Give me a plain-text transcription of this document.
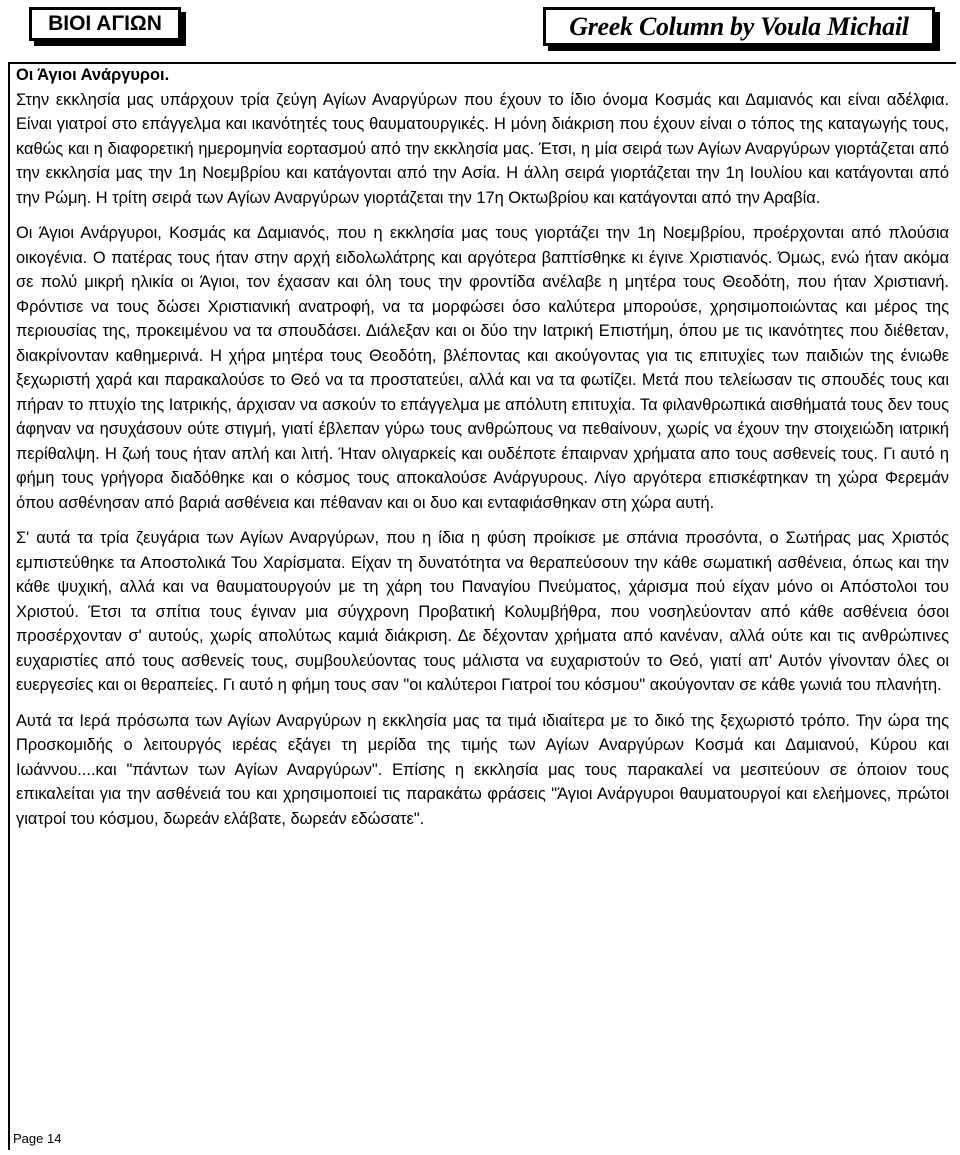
ΒΙΟΙ ΑΓΙΩΝ	Greek Column by Voula Michail

Οι Άγιοι Ανάργυροι.

Στην εκκλησία μας υπάρχουν τρία ζεύγη Αγίων Αναργύρων που έχουν το ίδιο όνομα Κοσμάς και Δαμιανός και είναι αδέλφια. Είναι γιατροί στο επάγγελμα και ικανότητές τους θαυματουργικές. Η μόνη διάκριση που έχουν είναι ο τόπος της καταγωγής τους, καθώς και η διαφορετική ημερομηνία εορτασμού από την εκκλησία μας. Έτσι, η μία σειρά των Αγίων Αναργύρων γιορτάζεται από την εκκλησία μας την 1η Νοεμβρίου και κατάγονται από την Ασία. Η άλλη σειρά γιορτάζεται την 1η Ιουλίου και κατάγονται από την Ρώμη. Η τρίτη σειρά των Αγίων Αναργύρων γιορτάζεται την 17η Οκτωβρίου και κατάγονται από την Αραβία.

Οι Άγιοι Ανάργυροι, Κοσμάς κα Δαμιανός, που η εκκλησία μας τους γιορτάζει την 1η Νοεμβρίου, προέρχονται από πλούσια οικογένια. Ο πατέρας τους ήταν στην αρχή ειδολωλάτρης και αργότερα βαπτίσθηκε κι έγινε Χριστιανός. Όμως, ενώ ήταν ακόμα σε πολύ μικρή ηλικία οι Άγιοι, τον έχασαν και όλη τους την φροντίδα ανέλαβε η μητέρα τους Θεοδότη, που ήταν Χριστιανή. Φρόντισε να τους δώσει Χριστιανική ανατροφή, να τα μορφώσει όσο καλύτερα μπορούσε, χρησιμοποιώντας και μέρος της περιουσίας της, προκειμένου να τα σπουδάσει. Διάλεξαν και οι δύο την Ιατρική Επιστήμη, όπου με τις ικανότητες που διέθεταν, διακρίνονταν καθημερινά. Η χήρα μητέρα τους Θεοδότη, βλέποντας και ακούγοντας για τις επιτυχίες των παιδιών της ένιωθε ξεχωριστή χαρά και παρακαλούσε το Θεό να τα προστατεύει, αλλά και να τα φωτίζει. Μετά που τελείωσαν τις σπουδές τους και πήραν το πτυχίο της Ιατρικής, άρχισαν να ασκούν το επάγγελμα με απόλυτη επιτυχία. Τα φιλανθρωπικά αισθήματά τους δεν τους άφηναν να ησυχάσουν ούτε στιγμή, γιατί έβλεπαν γύρω τους ανθρώπους να πεθαίνουν, χωρίς να έχουν την στοιχειώδη ιατρική περίθαλψη. Η ζωή τους ήταν απλή και λιτή. Ήταν ολιγαρκείς και ουδέποτε έπαιρναν χρήματα απο τους ασθενείς τους. Γι αυτό η φήμη τους γρήγορα διαδόθηκε και ο κόσμος τους αποκαλούσε Ανάργυρους. Λίγο αργότερα επισκέφτηκαν τη χώρα Φερεμάν όπου ασθένησαν από βαριά ασθένεια και πέθαναν και οι δυο και ενταφιάσθηκαν στη χώρα αυτή.

Σ' αυτά τα τρία ζευγάρια των Αγίων Αναργύρων, που η ίδια η φύση προίκισε με σπάνια προσόντα, ο Σωτήρας μας Χριστός εμπιστεύθηκε τα Αποστολικά Του Χαρίσματα. Είχαν τη δυνατότητα να θεραπεύσουν την κάθε σωματική ασθένεια, όπως και την κάθε ψυχική, αλλά και να θαυματουργούν με τη χάρη του Παναγίου Πνεύματος, χάρισμα πού είχαν μόνο οι Απόστολοι του Χριστού. Έτσι τα σπίτια τους έγιναν μια σύγχρονη Προβατική Κολυμβήθρα, που νοσηλεύονταν από κάθε ασθένεια όσοι προσέρχονταν σ' αυτούς, χωρίς απολύτως καμιά διάκριση. Δε δέχονταν χρήματα από κανέναν, αλλά ούτε και τις ανθρώπινες ευχαριστίες από τους ασθενείς τους, συμβουλεύοντας τους μάλιστα να ευχαριστούν το Θεό, γιατί απ' Αυτόν γίνονταν όλες οι ευεργεσίες και οι θεραπείες. Γι αυτό η φήμη τους σαν "οι καλύτεροι Γιατροί του κόσμου" ακούγονταν σε κάθε γωνιά του πλανήτη.

Αυτά τα Ιερά πρόσωπα των Αγίων Αναργύρων η εκκλησία μας τα τιμά ιδιαίτερα με το δικό της ξεχωριστό τρόπο. Την ώρα της Προσκομιδής ο λειτουργός ιερέας εξάγει τη μερίδα της τιμής των Αγίων Αναργύρων Κοσμά και Δαμιανού, Κύρου και Ιωάννου....και "πάντων των Αγίων Αναργύρων". Επίσης η εκκλησία μας τους παρακαλεί να μεσιτεύουν σε όποιον τους επικαλείται για την ασθένειά του και χρησιμοποιεί τις παρακάτω φράσεις "Άγιοι Ανάργυροι θαυματουργοί και ελεήμονες, πρώτοι γιατροί του κόσμου, δωρεάν ελάβατε, δωρεάν εδώσατε".

Page 14
